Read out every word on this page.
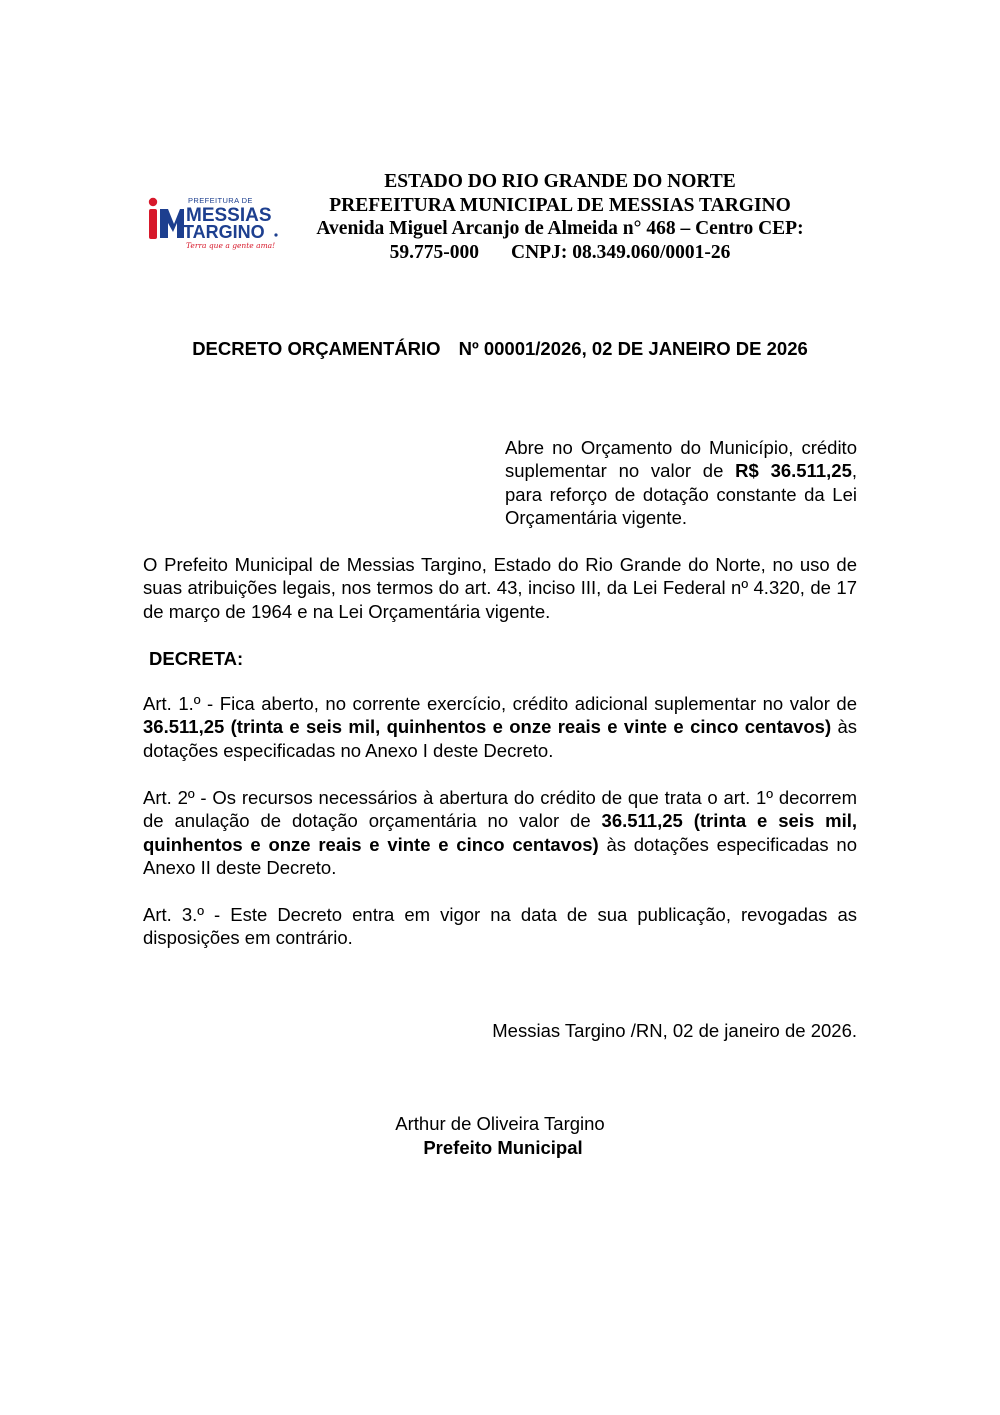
PREFEITURA DE
MESSIAS
TARGINO
Terra que a gente ama!
ESTADO DO RIO GRANDE DO NORTE
PREFEITURA MUNICIPAL DE MESSIAS TARGINO
Avenida Miguel Arcanjo de Almeida n° 468 – Centro CEP:
59.775-000 CNPJ: 08.349.060/0001-26
DECRETO ORÇAMENTÁRIO Nº 00001/2026, 02 DE JANEIRO DE 2026
Abre no Orçamento do Município, crédito suplementar no valor de R$ 36.511,25, para reforço de dotação constante da Lei Orçamentária vigente.
O Prefeito Municipal de Messias Targino, Estado do Rio Grande do Norte, no uso de suas atribuições legais, nos termos do art. 43, inciso III, da Lei Federal nº 4.320, de 17 de março de 1964 e na Lei Orçamentária vigente.
DECRETA:
Art. 1.º - Fica aberto, no corrente exercício, crédito adicional suplementar no valor de 36.511,25 (trinta e seis mil, quinhentos e onze reais e vinte e cinco centavos) às dotações especificadas no Anexo I deste Decreto.
Art. 2º - Os recursos necessários à abertura do crédito de que trata o art. 1º decorrem de anulação de dotação orçamentária no valor de 36.511,25 (trinta e seis mil, quinhentos e onze reais e vinte e cinco centavos) às dotações especificadas no Anexo II deste Decreto.
Art. 3.º - Este Decreto entra em vigor na data de sua publicação, revogadas as disposições em contrário.
Messias Targino /RN, 02 de janeiro de 2026.
Arthur de Oliveira Targino
Prefeito Municipal
